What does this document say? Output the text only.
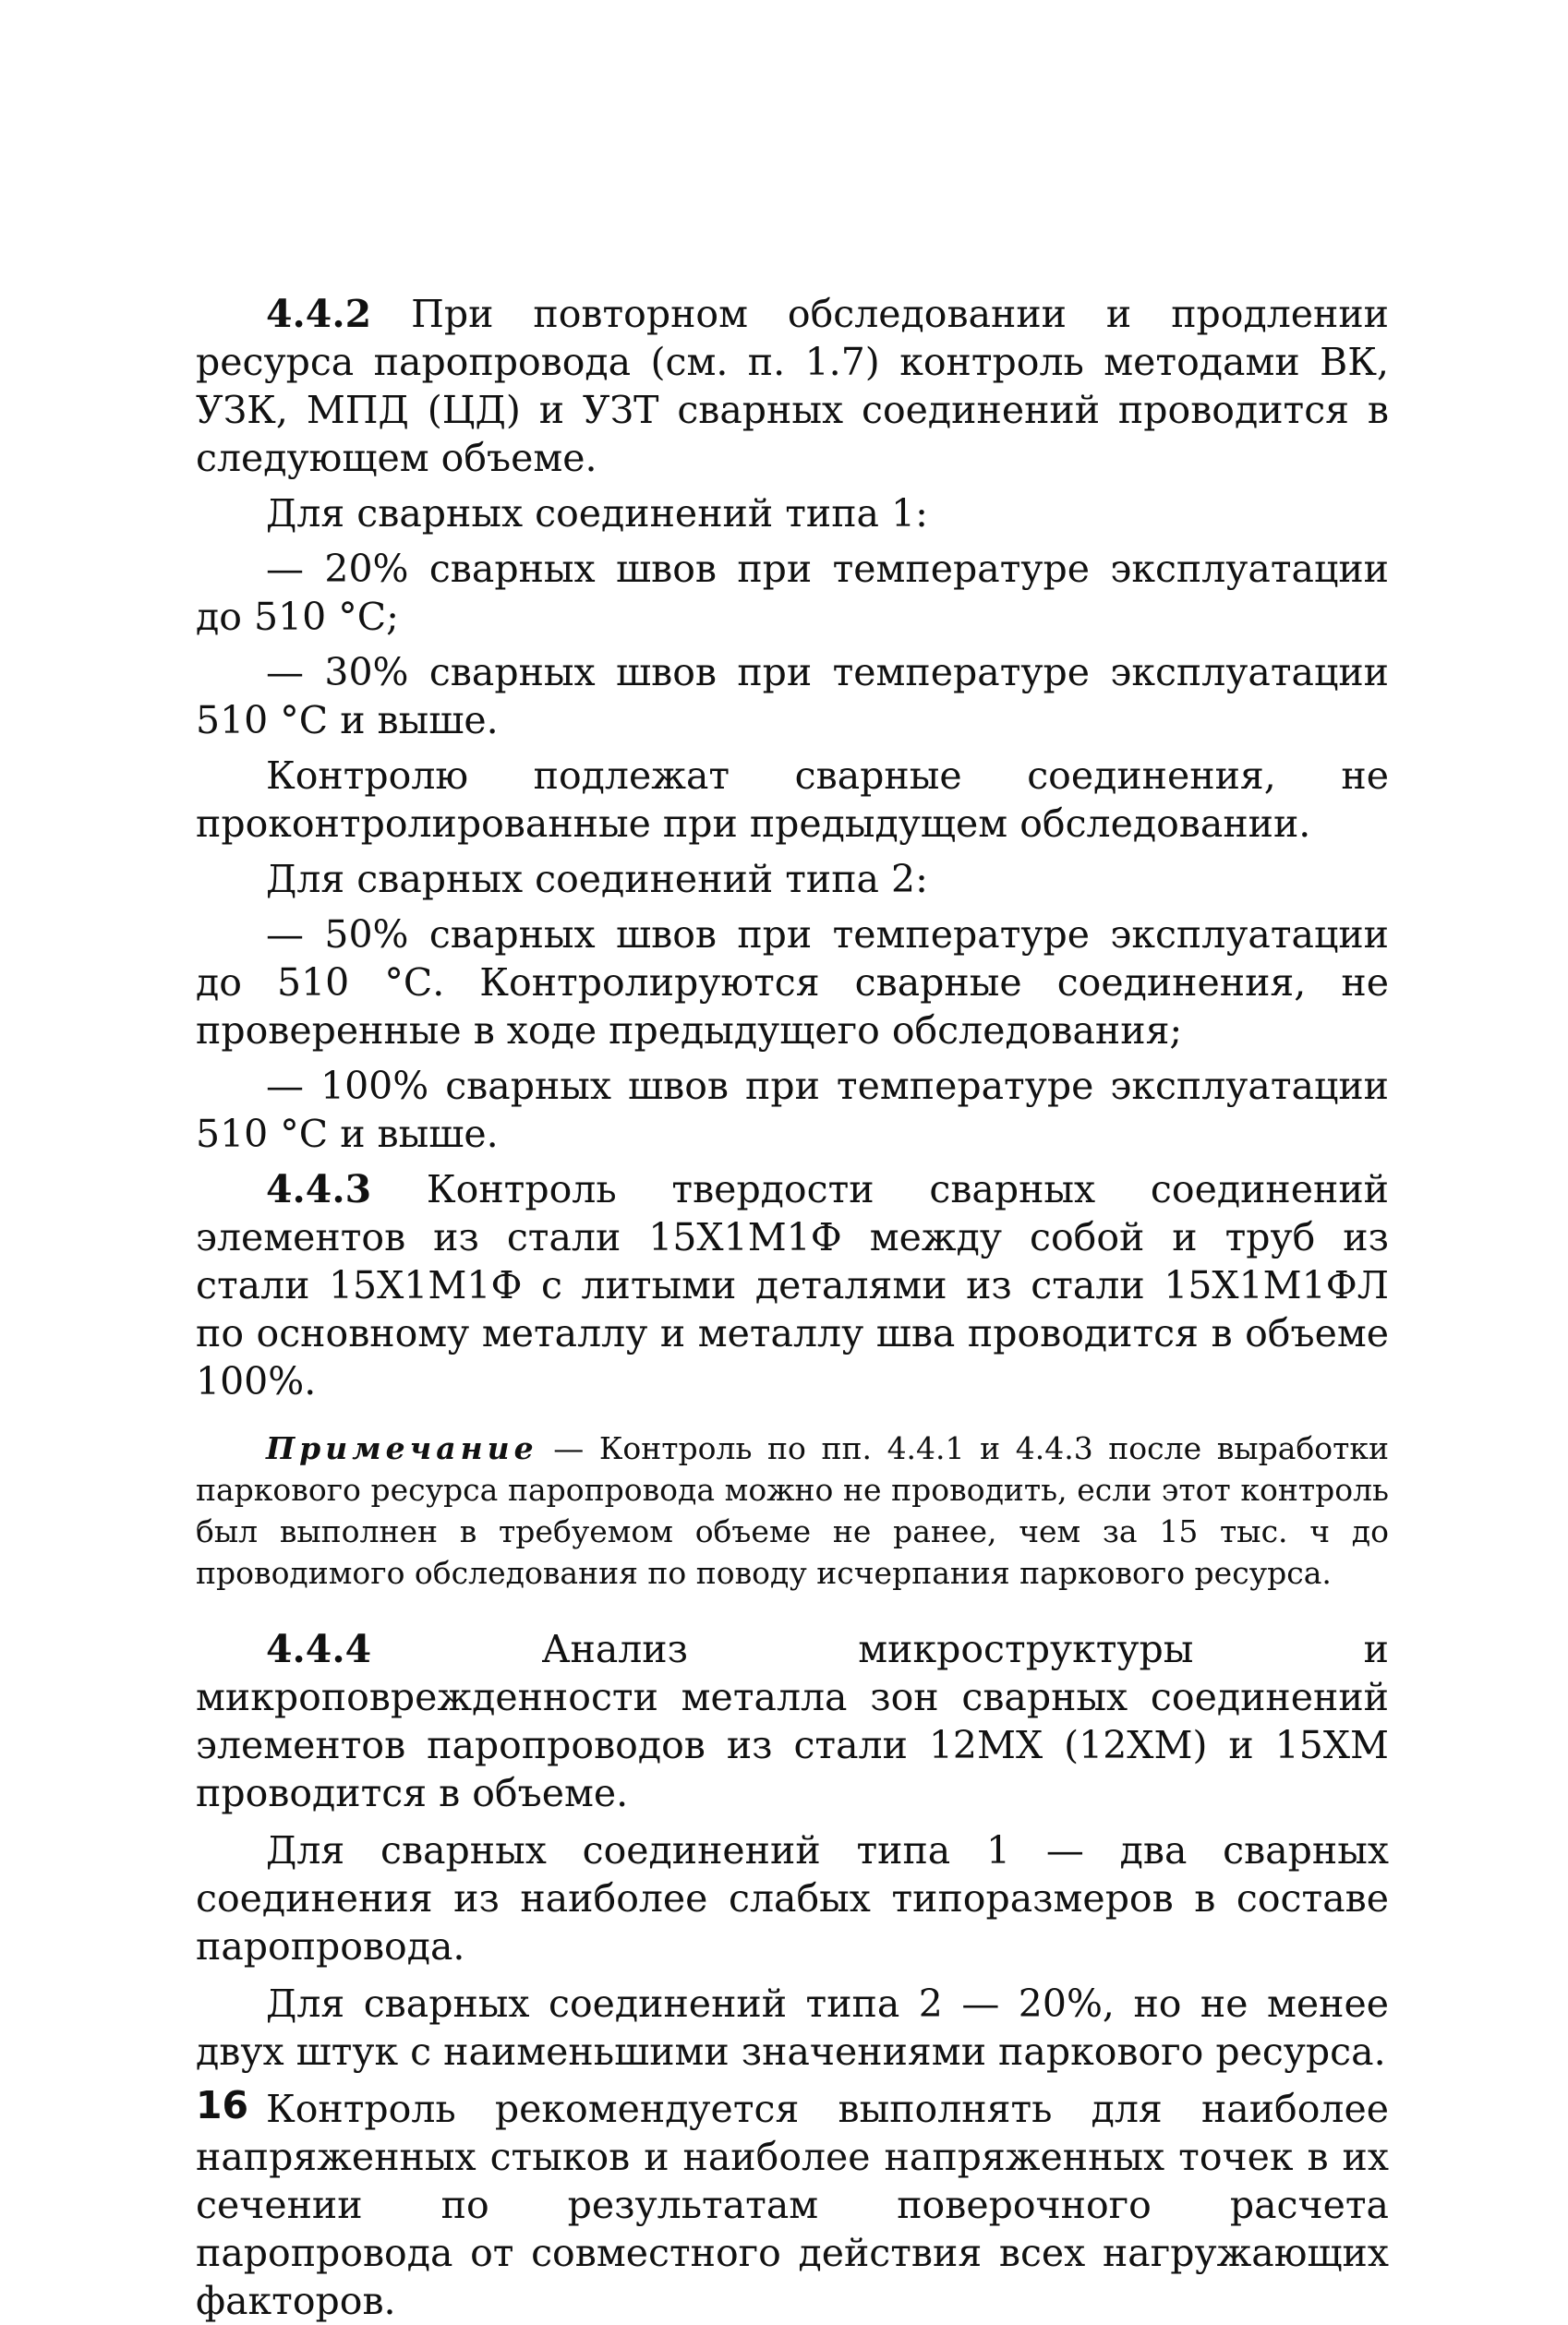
4.4.2 При повторном обследовании и продлении ресурса паропровода (см. п. 1.7) контроль методами ВК, УЗК, МПД (ЦД) и УЗТ сварных соединений проводится в следующем объеме.

Для сварных соединений типа 1:

— 20% сварных швов при температуре эксплуатации до 510 °С;

— 30% сварных швов при температуре эксплуатации 510 °С и выше.

Контролю подлежат сварные соединения, не проконтролированные при предыдущем обследовании.

Для сварных соединений типа 2:

— 50% сварных швов при температуре эксплуатации до 510 °С. Контролируются сварные соединения, не проверенные в ходе предыдущего обследования;

— 100% сварных швов при температуре эксплуатации 510 °С и выше.

4.4.3 Контроль твердости сварных соединений элементов из стали 15Х1М1Ф между собой и труб из стали 15Х1М1Ф с литыми деталями из стали 15Х1М1ФЛ по основному металлу и металлу шва проводится в объеме 100%.

Примечание — Контроль по пп. 4.4.1 и 4.4.3 после выработки паркового ресурса паропровода можно не проводить, если этот контроль был выполнен в требуемом объеме не ранее, чем за 15 тыс. ч до проводимого обследования по поводу исчерпания паркового ресурса.

4.4.4	Анализ микроструктуры и микроповрежденности металла зон сварных соединений элементов паропроводов из стали 12МХ (12ХМ) и 15ХМ проводится в объеме.

Для сварных соединений типа 1 — два сварных соединения из наиболее слабых типоразмеров в составе паропровода.

Для сварных соединений типа 2 — 20%, но не менее двух штук с наименьшими значениями паркового ресурса.

Контроль рекомендуется выполнять для наиболее напряженных стыков и наиболее напряженных точек в их сечении по результатам поверочного расчета паропровода от совместного действия всех нагружающих факторов.

16
